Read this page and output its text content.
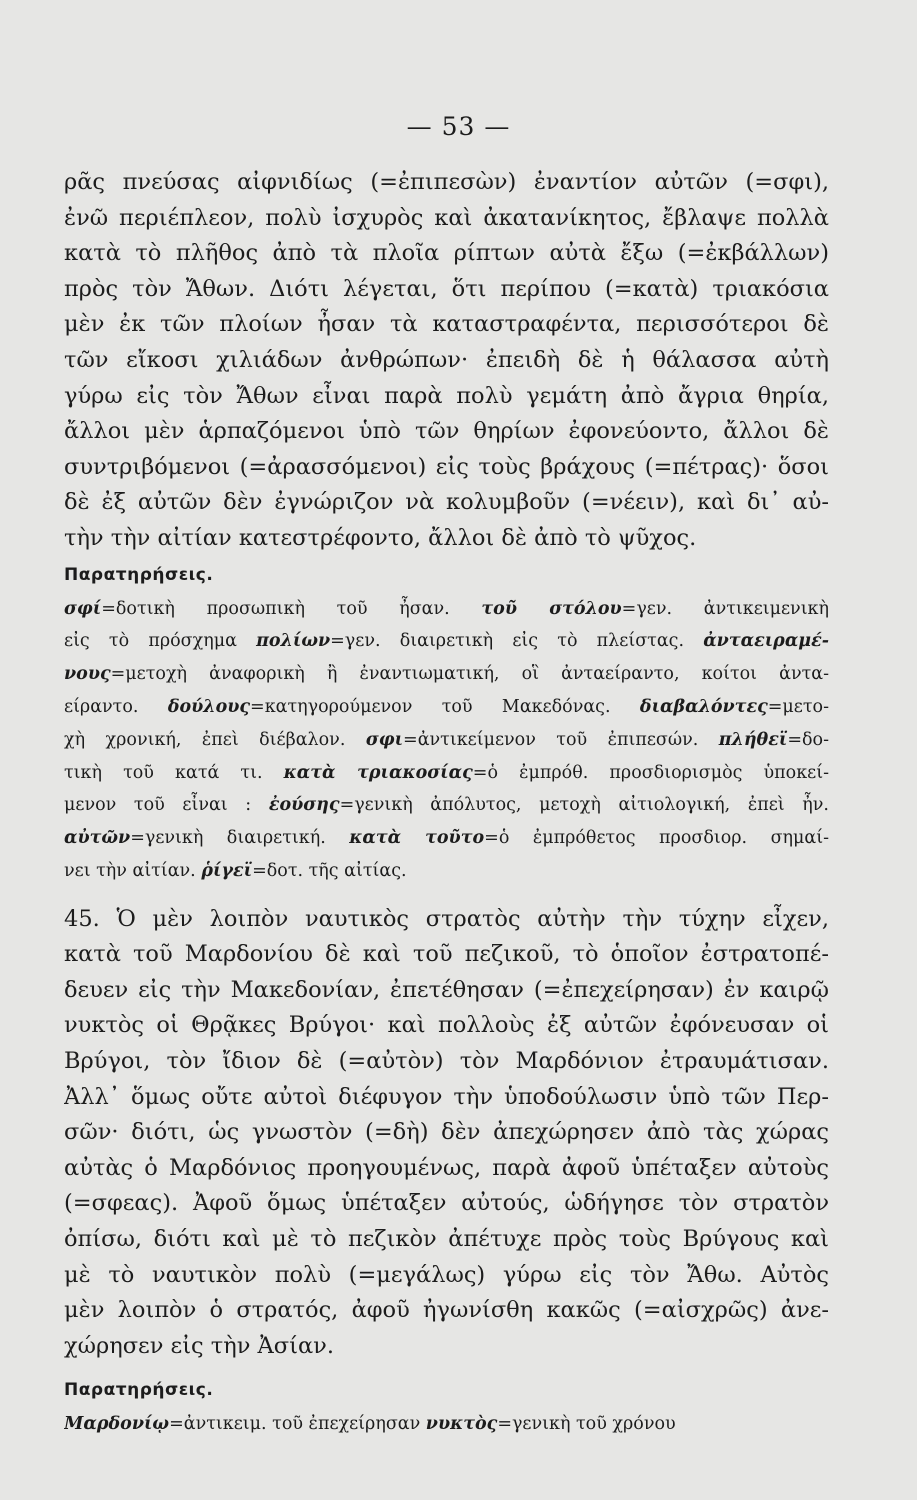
— 53 —
ρᾶς πνεύσας αἰφνιδίως (=ἐπιπεσὼν) ἐναντίον αὐτῶν (=σφι),
ἐνῶ περιέπλεον, πολὺ ἰσχυρὸς καὶ ἀκατανίκητος, ἔβλαψε πολλὰ
κατὰ τὸ πλῆθος ἀπὸ τὰ πλοῖα ρίπτων αὐτὰ ἔξω (=ἐκβάλλων)
πρὸς τὸν Ἄθων. Διότι λέγεται, ὅτι περίπου (=κατὰ) τριακόσια
μὲν ἐκ τῶν πλοίων ἦσαν τὰ καταστραφέντα, περισσότεροι δὲ
τῶν εἴκοσι χιλιάδων ἀνθρώπων· ἐπειδὴ δὲ ἡ θάλασσα αὐτὴ
γύρω εἰς τὸν Ἄθων εἶναι παρὰ πολὺ γεμάτη ἀπὸ ἄγρια θηρία,
ἄλλοι μὲν ἁρπαζόμενοι ὑπὸ τῶν θηρίων ἐφονεύοντο, ἄλλοι δὲ
συντριβόμενοι (=ἀρασσόμενοι) εἰς τοὺς βράχους (=πέτρας)· ὅσοι
δὲ ἐξ αὐτῶν δὲν ἐγνώριζον νὰ κολυμβοῦν (=νέειν), καὶ δι᾽ αὐ-
τὴν τὴν αἰτίαν κατεστρέφοντο, ἄλλοι δὲ ἀπὸ τὸ ψῦχος.
Παρατηρήσεις.
σφί=δοτικὴ προσωπικὴ τοῦ ἦσαν. τοῦ στόλου=γεν. ἀντικειμενικὴ
εἰς τὸ πρόσχημα πολίων=γεν. διαιρετικὴ εἰς τὸ πλείστας. ἀνταειραμέ-
νους=μετοχὴ ἀναφορικὴ ἢ ἐναντιωματική, οἳ ἀνταείραντο, κοίτοι ἀντα-
είραντο. δούλους=κατηγορούμενον τοῦ Μακεδόνας. διαβαλόντες=μετο-
χὴ χρονική, ἐπεὶ διέβαλον. σφι=ἀντικείμενον τοῦ ἐπιπεσών. πλήθεϊ=δο-
τικὴ τοῦ κατά τι. κατὰ τριακοσίας=ὁ ἐμπρόθ. προσδιορισμὸς ὑποκεί-
μενον τοῦ εἶναι : ἐούσης=γενικὴ ἀπόλυτος, μετοχὴ αἰτιολογική, ἐπεὶ ἦν.
αὐτῶν=γενικὴ διαιρετική. κατὰ τοῦτο=ὁ ἐμπρόθετος προσδιορ. σημαί-
νει τὴν αἰτίαν. ῥίγεϊ=δοτ. τῆς αἰτίας.
45. Ὁ μὲν λοιπὸν ναυτικὸς στρατὸς αὐτὴν τὴν τύχην εἶχεν,
κατὰ τοῦ Μαρδονίου δὲ καὶ τοῦ πεζικοῦ, τὸ ὁποῖον ἐστρατοπέ-
δευεν εἰς τὴν Μακεδονίαν, ἐπετέθησαν (=ἐπεχείρησαν) ἐν καιρῷ
νυκτὸς οἱ Θρᾷκες Βρύγοι· καὶ πολλοὺς ἐξ αὐτῶν ἐφόνευσαν οἱ
Βρύγοι, τὸν ἴδιον δὲ (=αὐτὸν) τὸν Μαρδόνιον ἐτραυμάτισαν.
Ἀλλ᾽ ὅμως οὔτε αὐτοὶ διέφυγον τὴν ὑποδούλωσιν ὑπὸ τῶν Περ-
σῶν· διότι, ὡς γνωστὸν (=δὴ) δὲν ἀπεχώρησεν ἀπὸ τὰς χώρας
αὐτὰς ὁ Μαρδόνιος προηγουμένως, παρὰ ἀφοῦ ὑπέταξεν αὐτοὺς
(=σφεας). Ἀφοῦ ὅμως ὑπέταξεν αὐτούς, ὡδήγησε τὸν στρατὸν
ὀπίσω, διότι καὶ μὲ τὸ πεζικὸν ἀπέτυχε πρὸς τοὺς Βρύγους καὶ
μὲ τὸ ναυτικὸν πολὺ (=μεγάλως) γύρω εἰς τὸν Ἄθω. Αὐτὸς
μὲν λοιπὸν ὁ στρατός, ἀφοῦ ἠγωνίσθη κακῶς (=αἰσχρῶς) ἀνε-
χώρησεν εἰς τὴν Ἀσίαν.
Παρατηρήσεις.
Μαρδονίῳ=ἀντικειμ. τοῦ ἐπεχείρησαν νυκτὸς=γενικὴ τοῦ χρόνου
